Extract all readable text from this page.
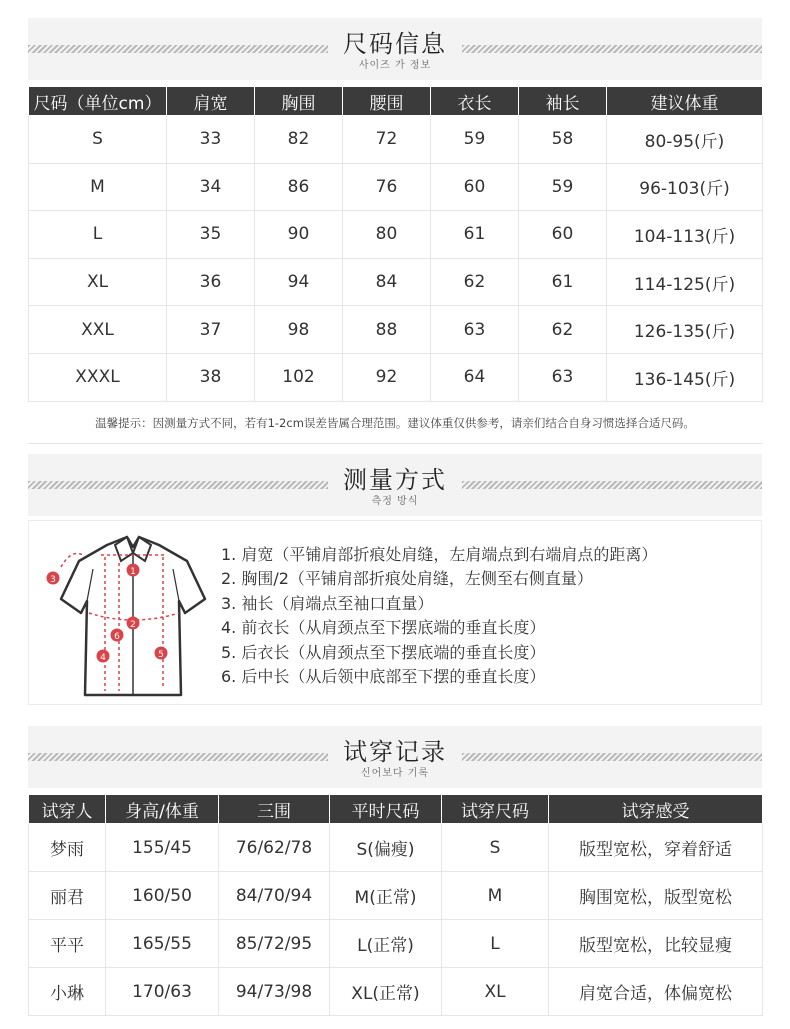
尺码信息
사이즈 가 정보
尺码（单位cm）	肩宽	胸围	腰围	衣长	袖长	建议体重
S	33	82	72	59	58	80-95(斤)
M	34	86	76	60	59	96-103(斤)
L	35	90	80	61	60	104-113(斤)
XL	36	94	84	62	61	114-125(斤)
XXL	37	98	88	63	62	126-135(斤)
XXXL	38	102	92	64	63	136-145(斤)
温馨提示：因测量方式不同，若有1-2cm误差皆属合理范围。建议体重仅供参考，请亲们结合自身习惯选择合适尺码。
测量方式
측정 방식
1
2
3
4	5
6
1. 肩宽（平铺肩部折痕处肩缝，左肩端点到右端肩点的距离）
2. 胸围/2（平铺肩部折痕处肩缝，左侧至右侧直量）
3. 袖长（肩端点至袖口直量）
4. 前衣长（从肩颈点至下摆底端的垂直长度）
5. 后衣长（从肩颈点至下摆底端的垂直长度）
6. 后中长（从后领中底部至下摆的垂直长度）
试穿记录
신어보다 기록
试穿人	身高/体重	三围	平时尺码	试穿尺码	试穿感受
梦雨	155/45	76/62/78	S(偏瘦)	S	版型宽松，穿着舒适
丽君	160/50	84/70/94	M(正常)	M	胸围宽松，版型宽松
平平	165/55	85/72/95	L(正常)	L	版型宽松，比较显瘦
小琳	170/63	94/73/98	XL(正常)	XL	肩宽合适，体偏宽松
